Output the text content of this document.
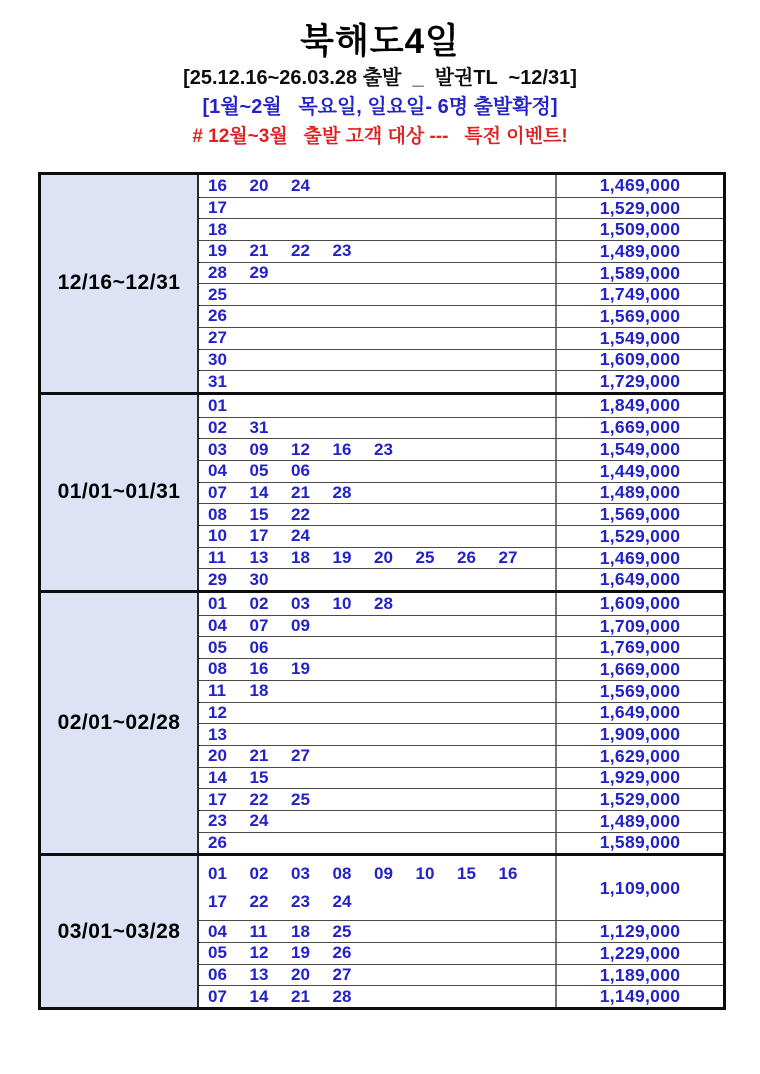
북해도4일
[25.12.16~26.03.28 출발  _  발권TL  ~12/31]
[1월~2월   목요일, 일요일- 6명 출발확정]
# 12월~3월   출발 고객 대상 ---   특전 이벤트!
12/16~12/31
16 20 24	1,469,000
17	1,529,000
18	1,509,000
19 21 22 23	1,489,000
28 29	1,589,000
25	1,749,000
26	1,569,000
27	1,549,000
30	1,609,000
31	1,729,000
01/01~01/31
01	1,849,000
02 31	1,669,000
03 09 12 16 23	1,549,000
04 05 06	1,449,000
07 14 21 28	1,489,000
08 15 22	1,569,000
10 17 24	1,529,000
11 13 18 19 20 25 26 27	1,469,000
29 30	1,649,000
02/01~02/28
01 02 03 10 28	1,609,000
04 07 09	1,709,000
05 06	1,769,000
08 16 19	1,669,000
11 18	1,569,000
12	1,649,000
13	1,909,000
20 21 27	1,629,000
14 15	1,929,000
17 22 25	1,529,000
23 24	1,489,000
26	1,589,000
03/01~03/28
01 02 03 08 09 10 15 16
17 22 23 24
1,109,000
04 11 18 25	1,129,000
05 12 19 26	1,229,000
06 13 20 27	1,189,000
07 14 21 28	1,149,000
